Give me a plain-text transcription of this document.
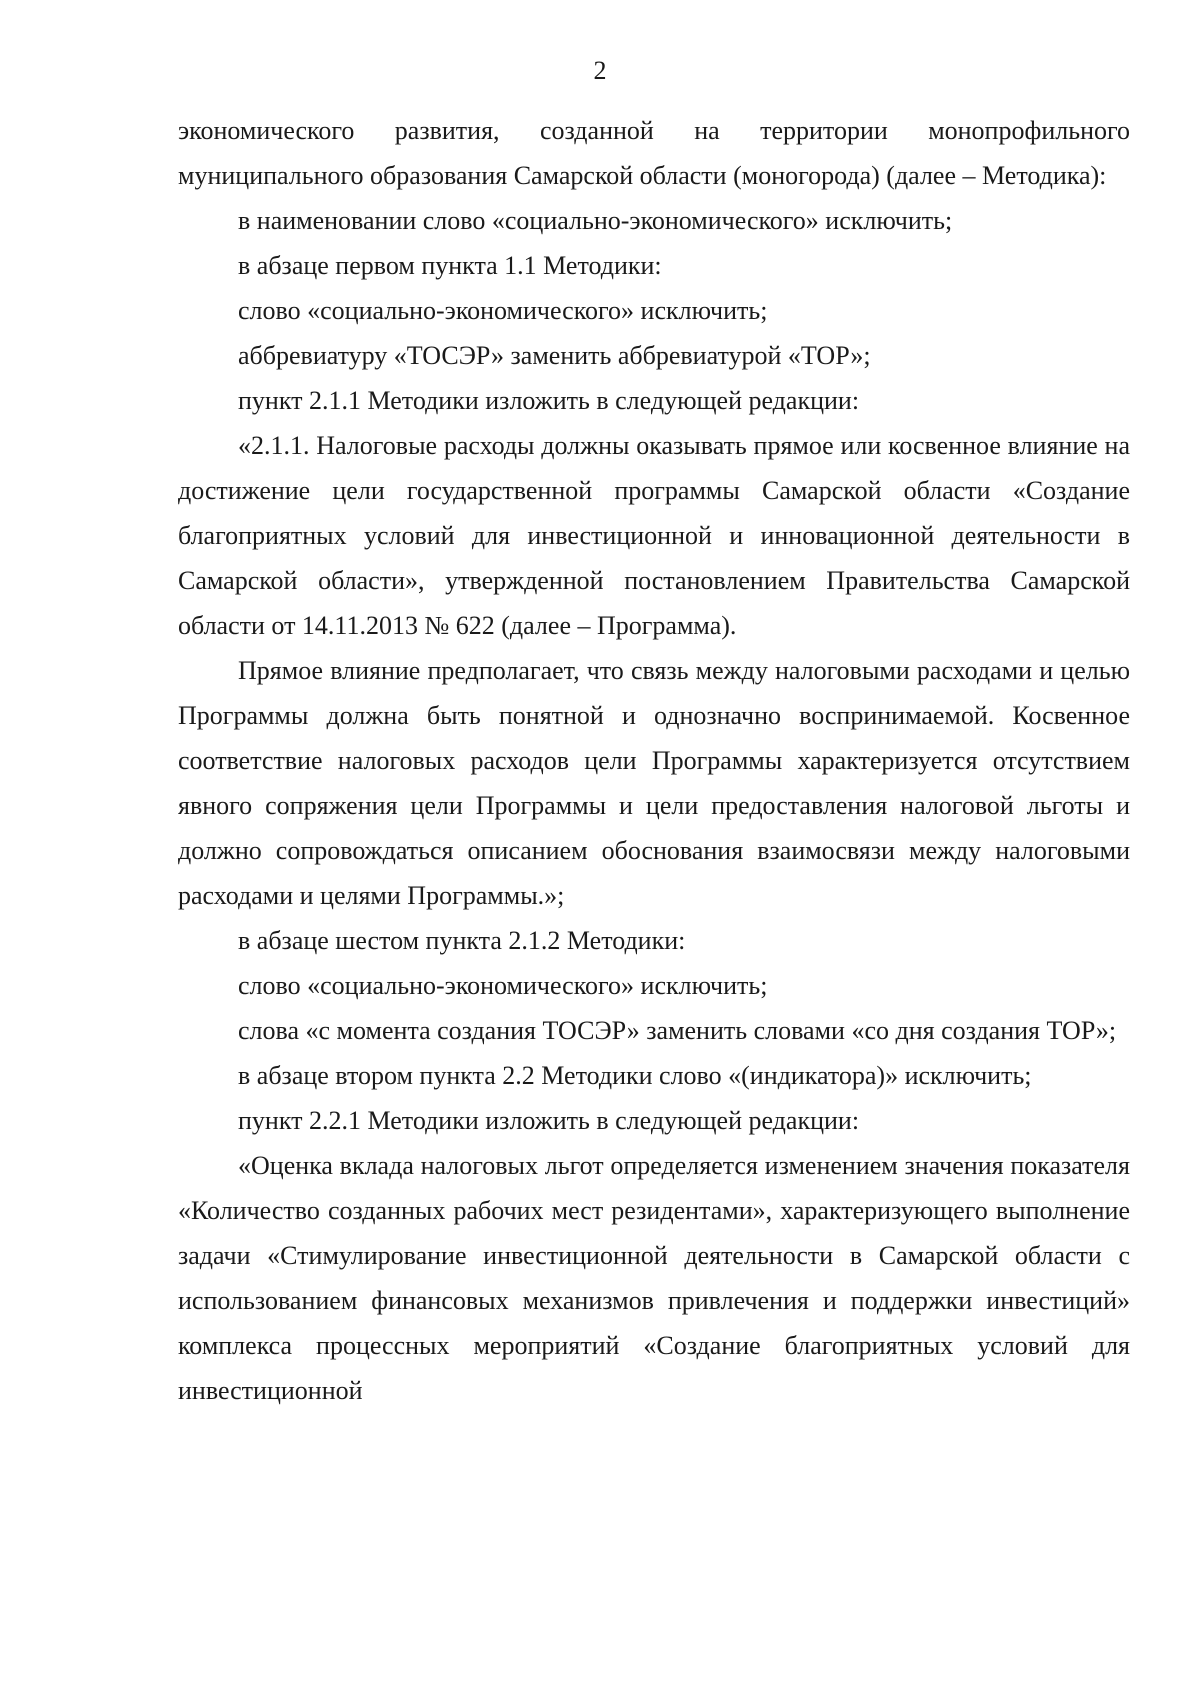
2

экономического развития, созданной на территории монопрофильного муниципального образования Самарской области (моногорода) (далее – Методика):

в наименовании слово «социально-экономического» исключить;

в абзаце первом пункта 1.1 Методики:

слово «социально-экономического» исключить;

аббревиатуру «ТОСЭР» заменить аббревиатурой «ТОР»;

пункт 2.1.1 Методики изложить в следующей редакции:

«2.1.1. Налоговые расходы должны оказывать прямое или косвенное влияние на достижение цели государственной программы Самарской области «Создание благоприятных условий для инвестиционной и инновационной деятельности в Самарской области», утвержденной постановлением Правительства Самарской области от 14.11.2013 № 622 (далее – Программа).

Прямое влияние предполагает, что связь между налоговыми расходами и целью Программы должна быть понятной и однозначно воспринимаемой. Косвенное соответствие налоговых расходов цели Программы характеризуется отсутствием явного сопряжения цели Программы и цели предоставления налоговой льготы и должно сопровождаться описанием обоснования взаимосвязи между налоговыми расходами и целями Программы.»;

в абзаце шестом пункта 2.1.2 Методики:

слово «социально-экономического» исключить;

слова «с момента создания ТОСЭР» заменить словами «со дня создания ТОР»;

в абзаце втором пункта 2.2 Методики слово «(индикатора)» исключить;

пункт 2.2.1 Методики изложить в следующей редакции:

«Оценка вклада налоговых льгот определяется изменением значения показателя «Количество созданных рабочих мест резидентами», характеризующего выполнение задачи «Стимулирование инвестиционной деятельности в Самарской области с использованием финансовых механизмов привлечения и поддержки инвестиций» комплекса процессных мероприятий «Создание благоприятных условий для инвестиционной
